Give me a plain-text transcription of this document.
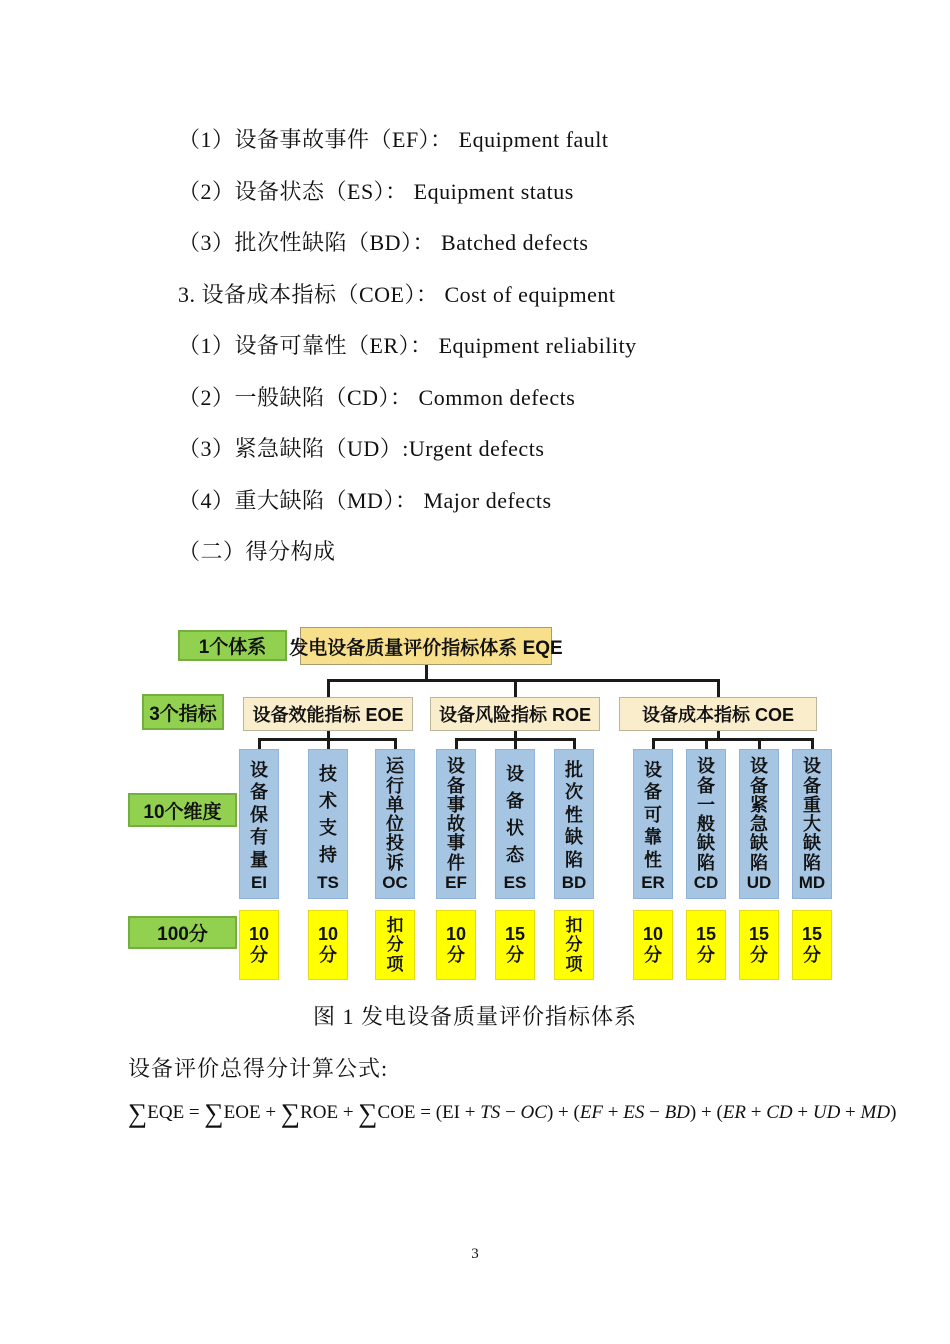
（1）设备事故事件（EF）： Equipment fault
（2）设备状态（ES）： Equipment status
（3）批次性缺陷（BD）： Batched defects
3. 设备成本指标（COE）： Cost of equipment
（1）设备可靠性（ER）： Equipment reliability
（2）一般缺陷（CD）： Common defects
（3）紧急缺陷（UD）:Urgent defects
（4）重大缺陷（MD）： Major defects
（二）得分构成
1个体系
3个指标
10个维度
100分
发电设备质量评价指标体系 EQE
设备效能指标 EOE	设备风险指标 ROE	设备成本指标 COE
设
备
保
有
量
EI
技
术
支
持
TS
运
行
单
位
投
诉
OC
设
备
事
故
事
件
EF
设
备
状
态
ES
批
次
性
缺
陷
BD
设
备
可
靠
性
ER
设
备
一
般
缺
陷
CD
设
备
紧
急
缺
陷
UD
设
备
重
大
缺
陷
MD
10
分
10
分
扣
分
项
10
分
15
分
扣
分
项
10
分
15
分
15
分
15
分
图 1 发电设备质量评价指标体系
设备评价总得分计算公式:
∑EQE = ∑EOE + ∑ROE + ∑COE = (EI + TS − OC) + (EF + ES − BD) + (ER + CD + UD + MD)
3
